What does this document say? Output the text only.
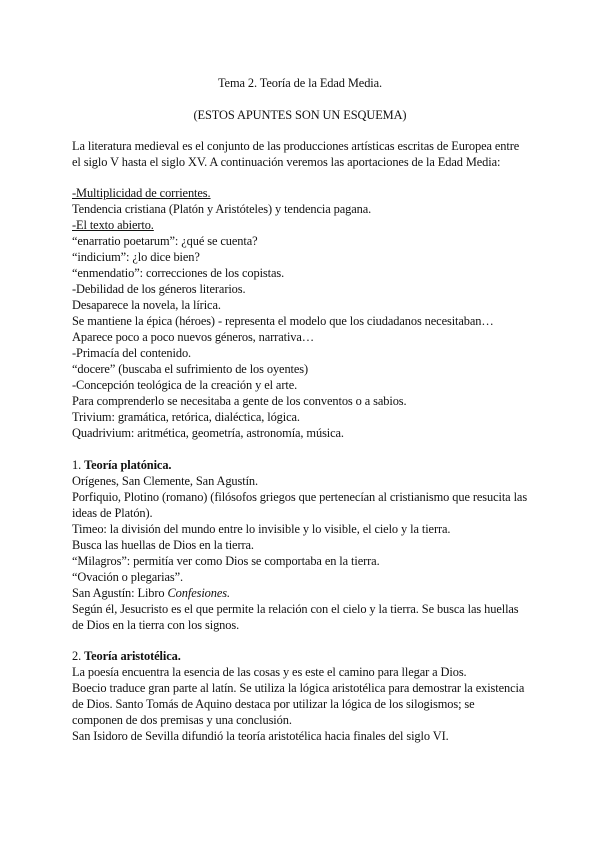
Tema 2. Teoría de la Edad Media.
(ESTOS APUNTES SON UN ESQUEMA)
La literatura medieval es el conjunto de las producciones artísticas escritas de Europea entre
el siglo V hasta el siglo XV. A continuación veremos las aportaciones de la Edad Media:
-Multiplicidad de corrientes.
Tendencia cristiana (Platón y Aristóteles) y tendencia pagana.
-El texto abierto.
“enarratio poetarum”: ¿qué se cuenta?
“indicium”: ¿lo dice bien?
“enmendatio”: correcciones de los copistas.
-Debilidad de los géneros literarios.
Desaparece la novela, la lírica.
Se mantiene la épica (héroes) - representa el modelo que los ciudadanos necesitaban…
Aparece poco a poco nuevos géneros, narrativa…
-Primacía del contenido.
“docere” (buscaba el sufrimiento de los oyentes)
-Concepción teológica de la creación y el arte.
Para comprenderlo se necesitaba a gente de los conventos o a sabios.
Trivium: gramática, retórica, dialéctica, lógica.
Quadrivium: aritmética, geometría, astronomía, música.
1. Teoría platónica.
Orígenes, San Clemente, San Agustín.
Porfiquio, Plotino (romano) (filósofos griegos que pertenecían al cristianismo que resucita las
ideas de Platón).
Timeo: la división del mundo entre lo invisible y lo visible, el cielo y la tierra.
Busca las huellas de Dios en la tierra.
“Milagros”: permitía ver como Dios se comportaba en la tierra.
“Ovación o plegarias”.
San Agustín: Libro Confesiones.
Según él, Jesucristo es el que permite la relación con el cielo y la tierra. Se busca las huellas
de Dios en la tierra con los signos.
2. Teoría aristotélica.
La poesía encuentra la esencia de las cosas y es este el camino para llegar a Dios.
Boecio traduce gran parte al latín. Se utiliza la lógica aristotélica para demostrar la existencia
de Dios. Santo Tomás de Aquino destaca por utilizar la lógica de los silogismos; se
componen de dos premisas y una conclusión.
San Isidoro de Sevilla difundió la teoría aristotélica hacia finales del siglo VI.
